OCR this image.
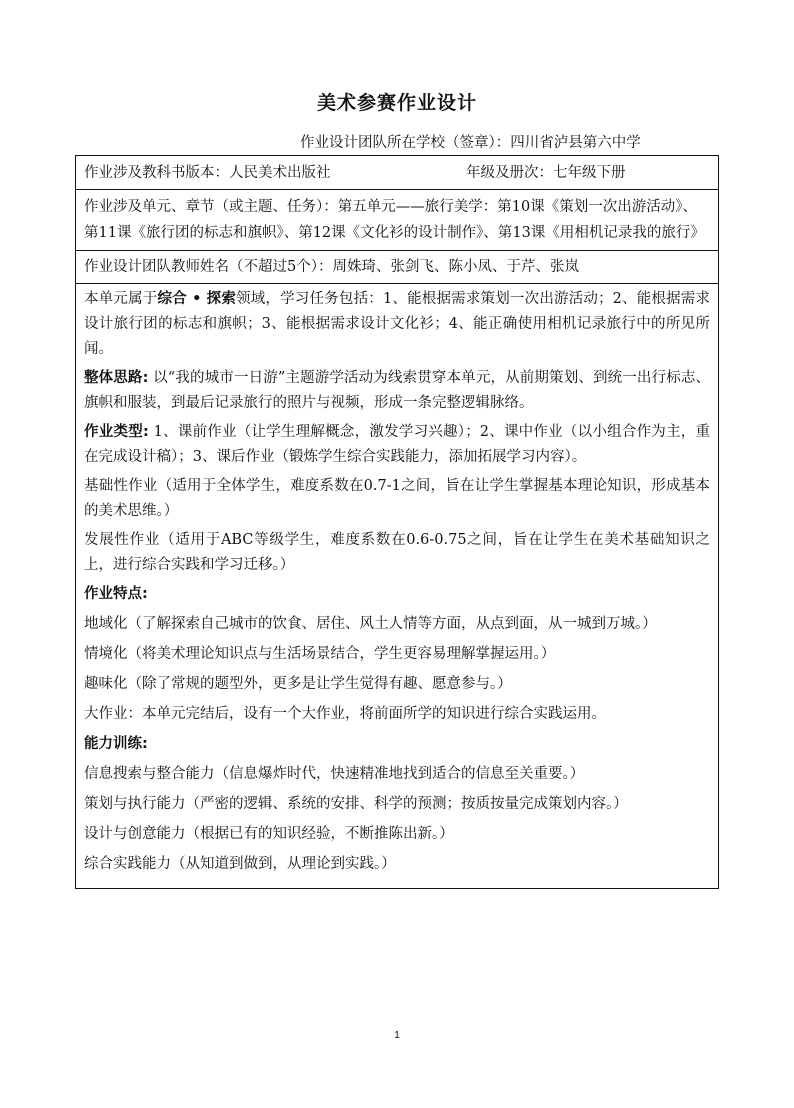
美术参赛作业设计
作业设计团队所在学校（签章）：四川省泸县第六中学
作业涉及教科书版本：人民美术出版社	年级及册次：七年级下册
作业涉及单元、章节（或主题、任务）：第五单元——旅行美学：第10课《策划一次出游活动》、第11课《旅行团的标志和旗帜》、第12课《文化衫的设计制作》、第13课《用相机记录我的旅行》
作业设计团队教师姓名（不超过5个）：周姝琦、张剑飞、陈小凤、于芹、张岚

本单元属于综合 • 探索领域，学习任务包括：1、能根据需求策划一次出游活动；2、能根据需求设计旅行团的标志和旗帜；3、能根据需求设计文化衫；4、能正确使用相机记录旅行中的所见所闻。

整体思路: 以“我的城市一日游”主题游学活动为线索贯穿本单元，从前期策划、到统一出行标志、旗帜和服装，到最后记录旅行的照片与视频，形成一条完整逻辑脉络。

作业类型: 1、课前作业（让学生理解概念，激发学习兴趣）；2、课中作业（以小组合作为主，重在完成设计稿）；3、课后作业（锻炼学生综合实践能力，添加拓展学习内容）。

基础性作业（适用于全体学生，难度系数在0.7-1之间，旨在让学生掌握基本理论知识，形成基本的美术思维。）

发展性作业（适用于ABC等级学生，难度系数在0.6-0.75之间，旨在让学生在美术基础知识之上，进行综合实践和学习迁移。）

作业特点:

地域化（了解探索自己城市的饮食、居住、风土人情等方面，从点到面，从一城到万城。）

情境化（将美术理论知识点与生活场景结合，学生更容易理解掌握运用。）

趣味化（除了常规的题型外，更多是让学生觉得有趣、愿意参与。）

大作业：本单元完结后，设有一个大作业，将前面所学的知识进行综合实践运用。

能力训练:

信息搜索与整合能力（信息爆炸时代，快速精准地找到适合的信息至关重要。）

策划与执行能力（严密的逻辑、系统的安排、科学的预测；按质按量完成策划内容。）

设计与创意能力（根据已有的知识经验，不断推陈出新。）

综合实践能力（从知道到做到，从理论到实践。）

1
